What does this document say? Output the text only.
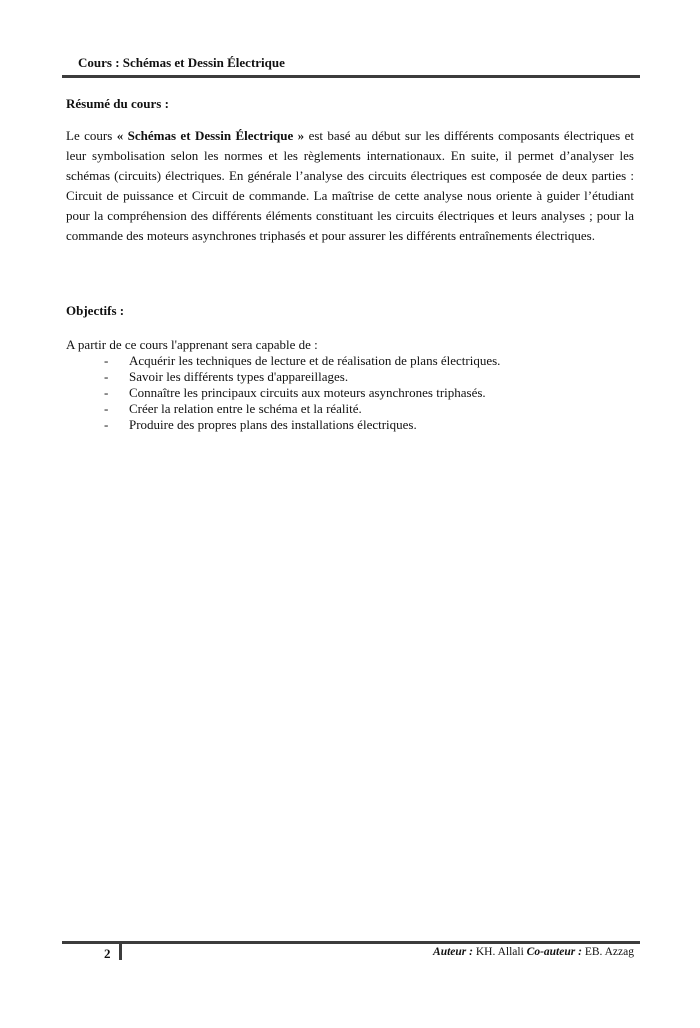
Cours : Schémas et Dessin Électrique
Résumé du cours :
Le cours « Schémas et Dessin Électrique » est basé au début sur les différents composants électriques et leur symbolisation selon les normes et les règlements internationaux. En suite, il permet d’analyser les schémas (circuits) électriques. En générale l’analyse des circuits électriques est composée de deux parties : Circuit de puissance et Circuit de commande. La maîtrise de cette analyse nous oriente à guider l’étudiant pour la compréhension des différents éléments constituant les circuits électriques et leurs analyses ; pour la commande des moteurs asynchrones triphasés et pour assurer les différents entraînements électriques.
Objectifs :
A partir de ce cours l'apprenant sera capable de :
- Acquérir les techniques de lecture et de réalisation de plans électriques.
- Savoir les différents types d'appareillages.
- Connaître les principaux circuits aux moteurs asynchrones triphasés.
- Créer la relation entre le schéma et la réalité.
- Produire des propres plans des installations électriques.
2	Auteur : KH. Allali Co-auteur : EB. Azzag
